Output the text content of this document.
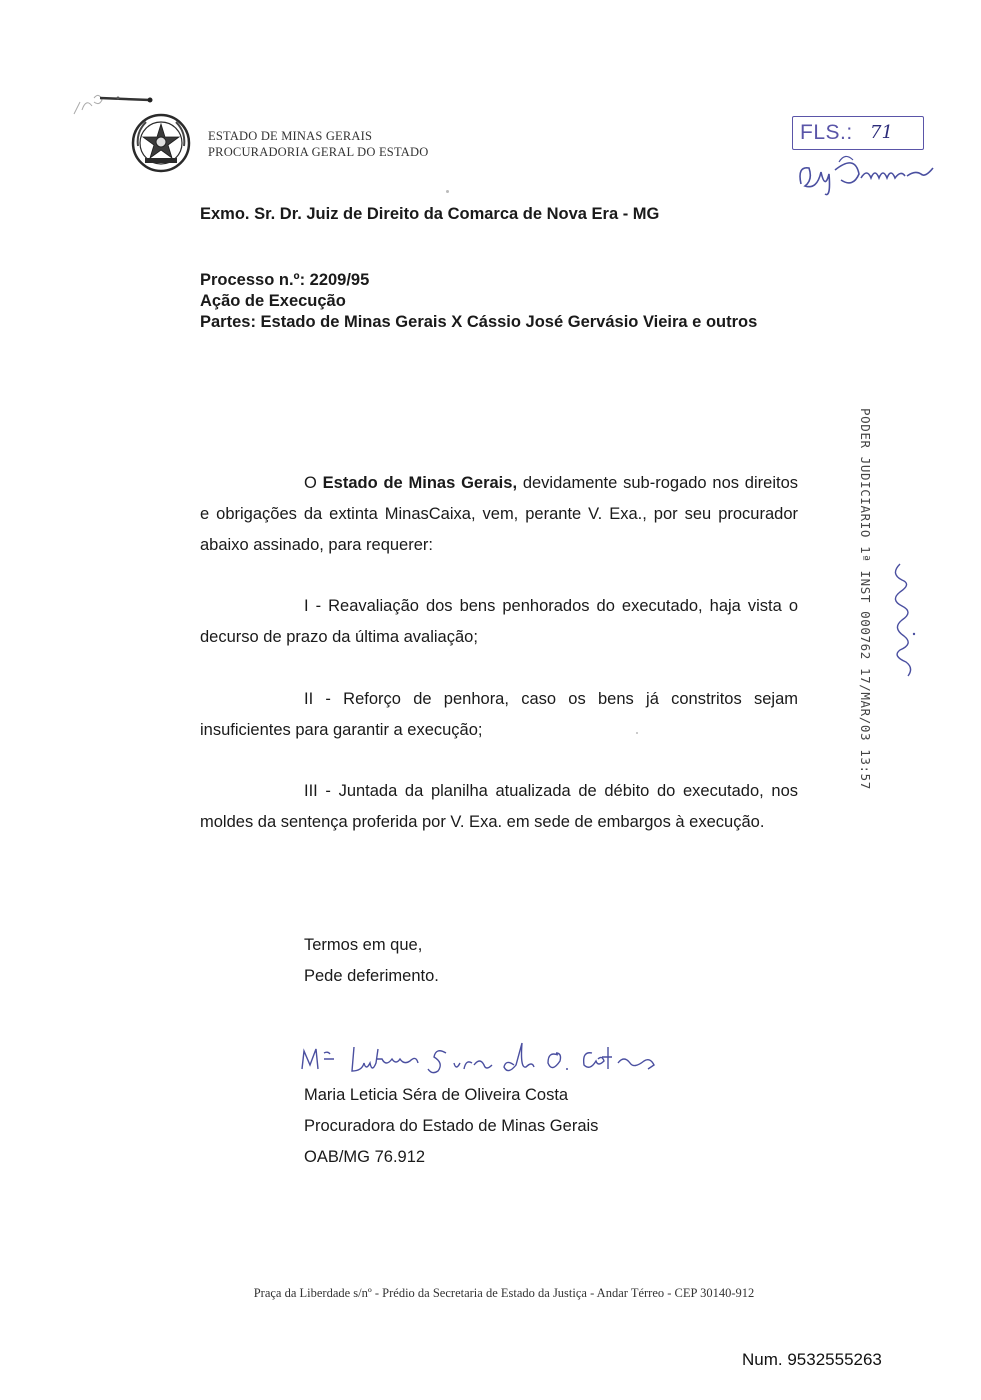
ESTADO DE MINAS GERAIS
PROCURADORIA GERAL DO ESTADO
FLS.: 71
Exmo. Sr. Dr. Juiz de Direito da Comarca de Nova Era - MG
Processo n.º: 2209/95
Ação de Execução
Partes: Estado de Minas Gerais X Cássio José Gervásio Vieira e outros
O Estado de Minas Gerais, devidamente sub-rogado nos direitos e obrigações da extinta MinasCaixa, vem, perante V. Exa., por seu procurador abaixo assinado, para requerer:
I - Reavaliação dos bens penhorados do executado, haja vista o decurso de prazo da última avaliação;
II - Reforço de penhora, caso os bens já constritos sejam insuficientes para garantir a execução;
III - Juntada da planilha atualizada de débito do executado, nos moldes da sentença proferida por V. Exa. em sede de embargos à execução.
Termos em que,
Pede deferimento.
Maria Leticia Séra de Oliveira Costa
Procuradora do Estado de Minas Gerais
OAB/MG 76.912
PODER JUDICIARIO 1ª INST 000762 17/MAR/03 13:57
Praça da Liberdade s/nº - Prédio da Secretaria de Estado da Justiça - Andar Térreo - CEP 30140-912
Num. 9532555263
